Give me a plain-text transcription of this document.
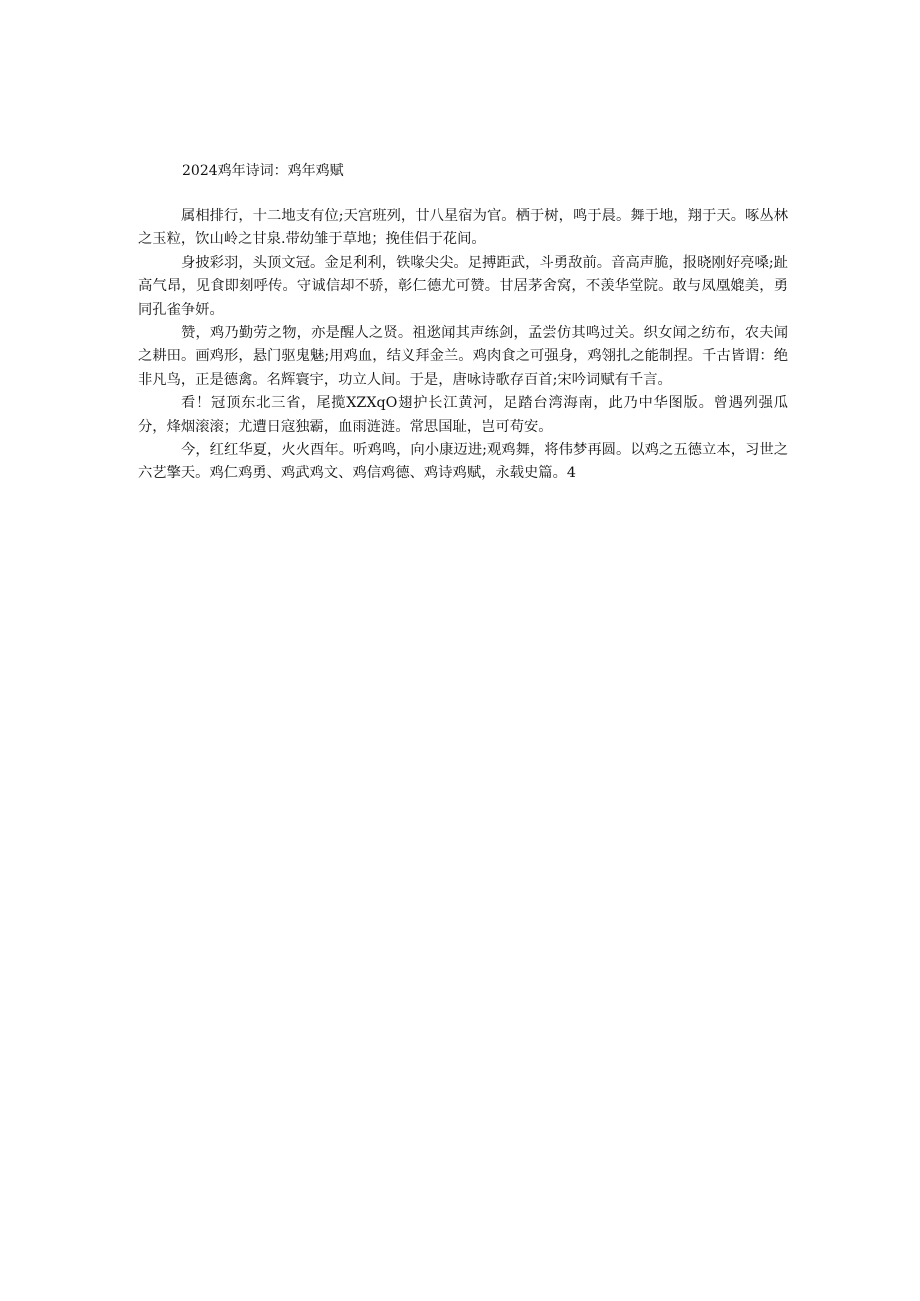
2024鸡年诗词：鸡年鸡赋

属相排行，十二地支有位;天宫班列，廿八星宿为官。栖于树，鸣于晨。舞于地，翔于天。啄丛林之玉粒，饮山岭之甘泉.带幼雏于草地；挽佳侣于花间。

身披彩羽，头顶文冠。金足利利，铁喙尖尖。足搏距武，斗勇敌前。音高声脆，报晓刚好亮嗓;趾高气昂，见食即刻呼传。守诚信却不骄，彰仁德尤可赞。甘居茅舍窝，不羡华堂院。敢与凤凰媲美，勇同孔雀争妍。

赞，鸡乃勤劳之物，亦是醒人之贤。祖逖闻其声练剑，孟尝仿其鸣过关。织女闻之纺布，农夫闻之耕田。画鸡形，悬门驱鬼魅;用鸡血，结义拜金兰。鸡肉食之可强身，鸡翎扎之能制捏。千古皆谓：绝非凡鸟，正是德禽。名辉寰宇，功立人间。于是，唐咏诗歌存百首;宋吟词赋有千言。

看！冠顶东北三省，尾揽XZXqO翅护长江黄河，足踏台湾海南，此乃中华图版。曾遇列强瓜分，烽烟滚滚；尤遭日寇独霸，血雨涟涟。常思国耻，岂可苟安。

今，红红华夏，火火酉年。听鸡鸣，向小康迈进;观鸡舞，将伟梦再圆。以鸡之五德立本，习世之六艺擎天。鸡仁鸡勇、鸡武鸡文、鸡信鸡德、鸡诗鸡赋，永载史篇。4
